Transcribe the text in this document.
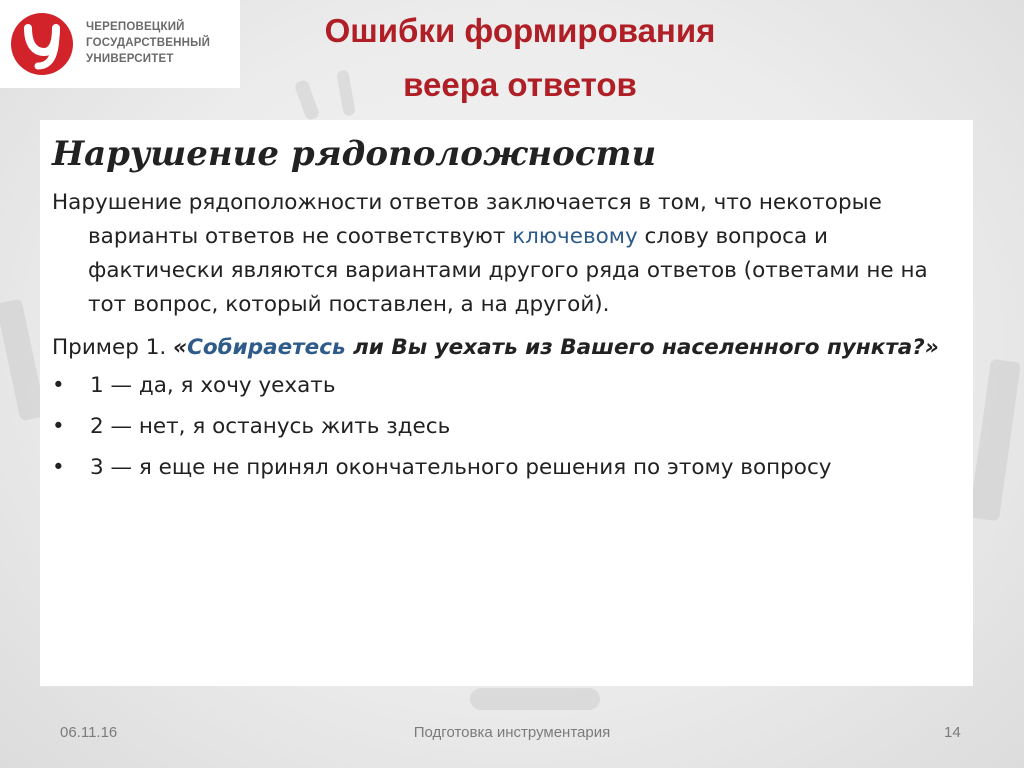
ЧЕРЕПОВЕЦКИЙ
ГОСУДАРСТВЕННЫЙ
УНИВЕРСИТЕТ
Ошибки формирования
веера ответов
Нарушение рядоположности

Нарушение рядоположности ответов заключается в том, что некоторые варианты ответов не соответствуют ключевому слову вопроса и фактически являются вариантами другого ряда ответов (ответами не на тот вопрос, который поставлен, а на другой).

Пример 1. «Собираетесь ли Вы уехать из Вашего населенного пункта?»

• 1 — да, я хочу уехать
• 2 — нет, я останусь жить здесь
• 3 — я еще не принял окончательного решения по этому вопросу
06.11.16	Подготовка инструментария	14
